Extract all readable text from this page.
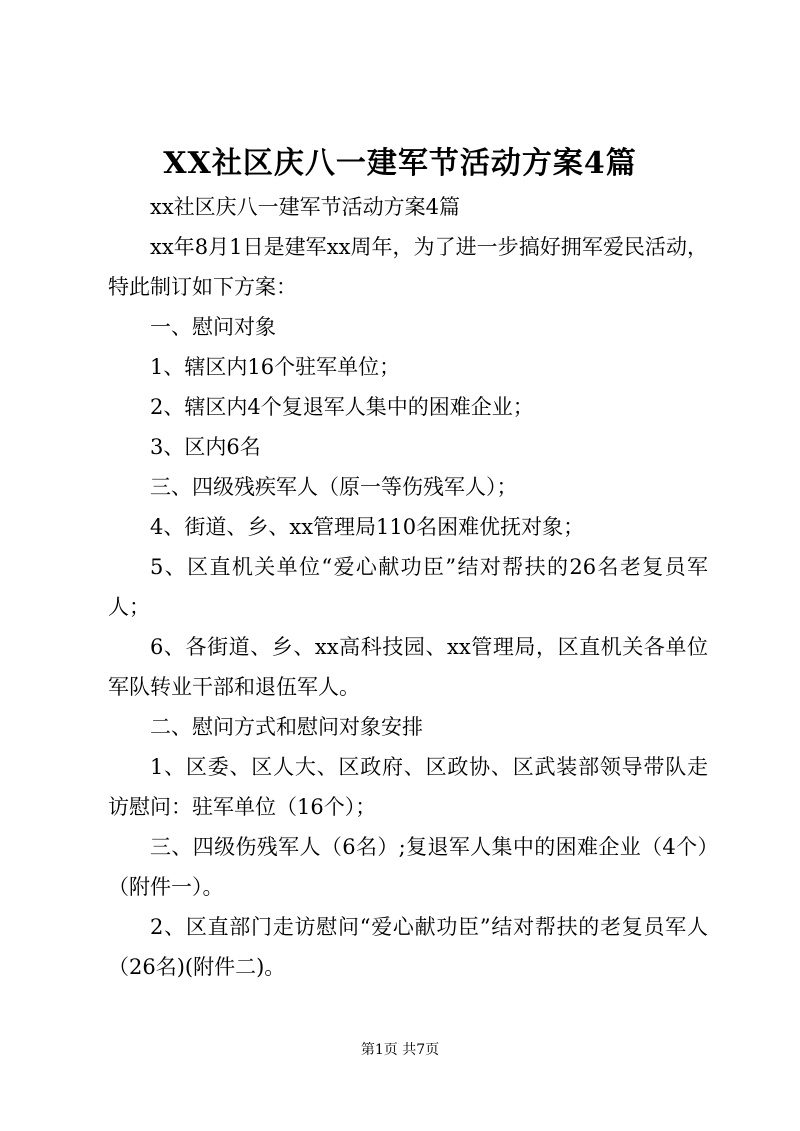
XX社区庆八一建军节活动方案4篇

xx社区庆八一建军节活动方案4篇

xx年8月1日是建军xx周年，为了进一步搞好拥军爱民活动，特此制订如下方案：

一、慰问对象

1、辖区内16个驻军单位；

2、辖区内4个复退军人集中的困难企业；

3、区内6名

三、四级残疾军人（原一等伤残军人）；

4、街道、乡、xx管理局110名困难优抚对象；

5、区直机关单位“爱心献功臣”结对帮扶的26名老复员军人；

6、各街道、乡、xx高科技园、xx管理局，区直机关各单位军队转业干部和退伍军人。

二、慰问方式和慰问对象安排

1、区委、区人大、区政府、区政协、区武装部领导带队走访慰问：驻军单位（16个）；

三、四级伤残军人（6名）;复退军人集中的困难企业（4个）（附件一）。

2、区直部门走访慰问“爱心献功臣”结对帮扶的老复员军人（26名)(附件二)。

第1页 共7页
